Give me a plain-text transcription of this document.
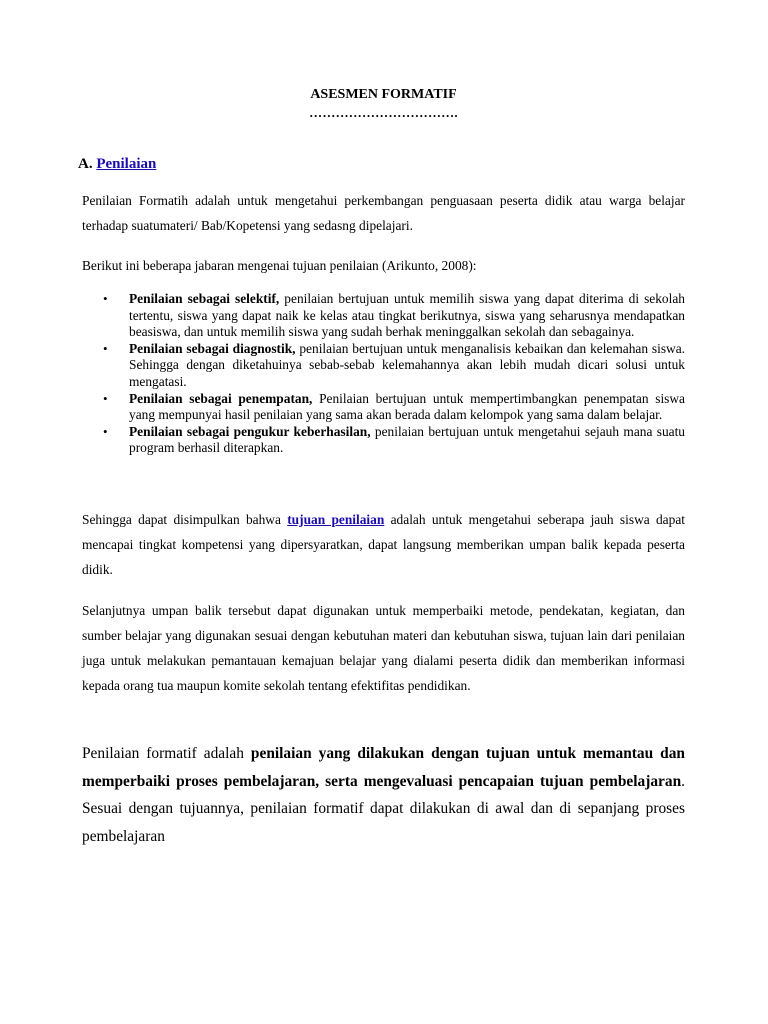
ASESMEN FORMATIF
…………………………….
A. Penilaian
Penilaian Formatih adalah untuk mengetahui perkembangan penguasaan peserta didik atau warga belajar terhadap suatumateri/ Bab/Kopetensi yang sedasng dipelajari.
Berikut ini beberapa jabaran mengenai tujuan penilaian (Arikunto, 2008):
• Penilaian sebagai selektif, penilaian bertujuan untuk memilih siswa yang dapat diterima di sekolah tertentu, siswa yang dapat naik ke kelas atau tingkat berikutnya, siswa yang seharusnya mendapatkan beasiswa, dan untuk memilih siswa yang sudah berhak meninggalkan sekolah dan sebagainya.
• Penilaian sebagai diagnostik, penilaian bertujuan untuk menganalisis kebaikan dan kelemahan siswa. Sehingga dengan diketahuinya sebab-sebab kelemahannya akan lebih mudah dicari solusi untuk mengatasi.
• Penilaian sebagai penempatan, Penilaian bertujuan untuk mempertimbangkan penempatan siswa yang mempunyai hasil penilaian yang sama akan berada dalam kelompok yang sama dalam belajar.
• Penilaian sebagai pengukur keberhasilan, penilaian bertujuan untuk mengetahui sejauh mana suatu program berhasil diterapkan.
Sehingga dapat disimpulkan bahwa tujuan penilaian adalah untuk mengetahui seberapa jauh siswa dapat mencapai tingkat kompetensi yang dipersyaratkan, dapat langsung memberikan umpan balik kepada peserta didik.
Selanjutnya umpan balik tersebut dapat digunakan untuk memperbaiki metode, pendekatan, kegiatan, dan sumber belajar yang digunakan sesuai dengan kebutuhan materi dan kebutuhan siswa, tujuan lain dari penilaian juga untuk melakukan pemantauan kemajuan belajar yang dialami peserta didik dan memberikan informasi kepada orang tua maupun komite sekolah tentang efektifitas pendidikan.
Penilaian formatif adalah penilaian yang dilakukan dengan tujuan untuk memantau dan memperbaiki proses pembelajaran, serta mengevaluasi pencapaian tujuan pembelajaran. Sesuai dengan tujuannya, penilaian formatif dapat dilakukan di awal dan di sepanjang proses pembelajaran
